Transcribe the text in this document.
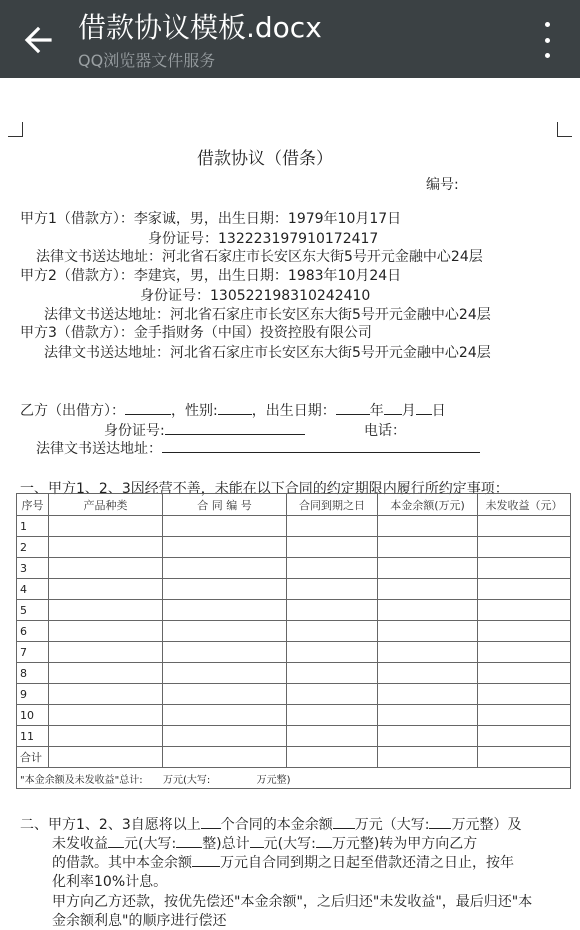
借款协议模板.docx
QQ浏览器文件服务
借款协议（借条）
编号:
甲方1（借款方）：李家诚，男，出生日期：1979年10月17日
身份证号：132223197910172417
法律文书送达地址：河北省石家庄市长安区东大街5号开元金融中心24层
甲方2（借款方）：李建宾，男，出生日期：1983年10月24日
身份证号：130522198310242410
法律文书送达地址：河北省石家庄市长安区东大街5号开元金融中心24层
甲方3（借款方）：金手指财务（中国）投资控股有限公司
法律文书送达地址：河北省石家庄市长安区东大街5号开元金融中心24层
乙方（出借方）：	，性别: ，出生日期： 年 月 日
身份证号:	电话：
法律文书送达地址：
一、甲方1、2、3因经营不善，未能在以下合同的约定期限内履行所约定事项：
序号	产品种类	合 同 编 号	合同到期之日	本金余额(万元)	未发收益（元）
1					
2					
3					
4					
5					
6					
7					
8					
9					
10					
11					
合计					
"本金余额及未发收益"总计: 万元(大写: 万元整)					
二、甲方1、2、3自愿将以上 个合同的本金余额 万元（大写: 万元整）及
未发收益 元(大写: 整)总计 元(大写: 万元整)转为甲方向乙方
的借款。其中本金余额 万元自合同到期之日起至借款还清之日止，按年
化利率10%计息。
甲方向乙方还款，按优先偿还"本金余额"，之后归还"未发收益"，最后归还"本
金余额利息"的顺序进行偿还
